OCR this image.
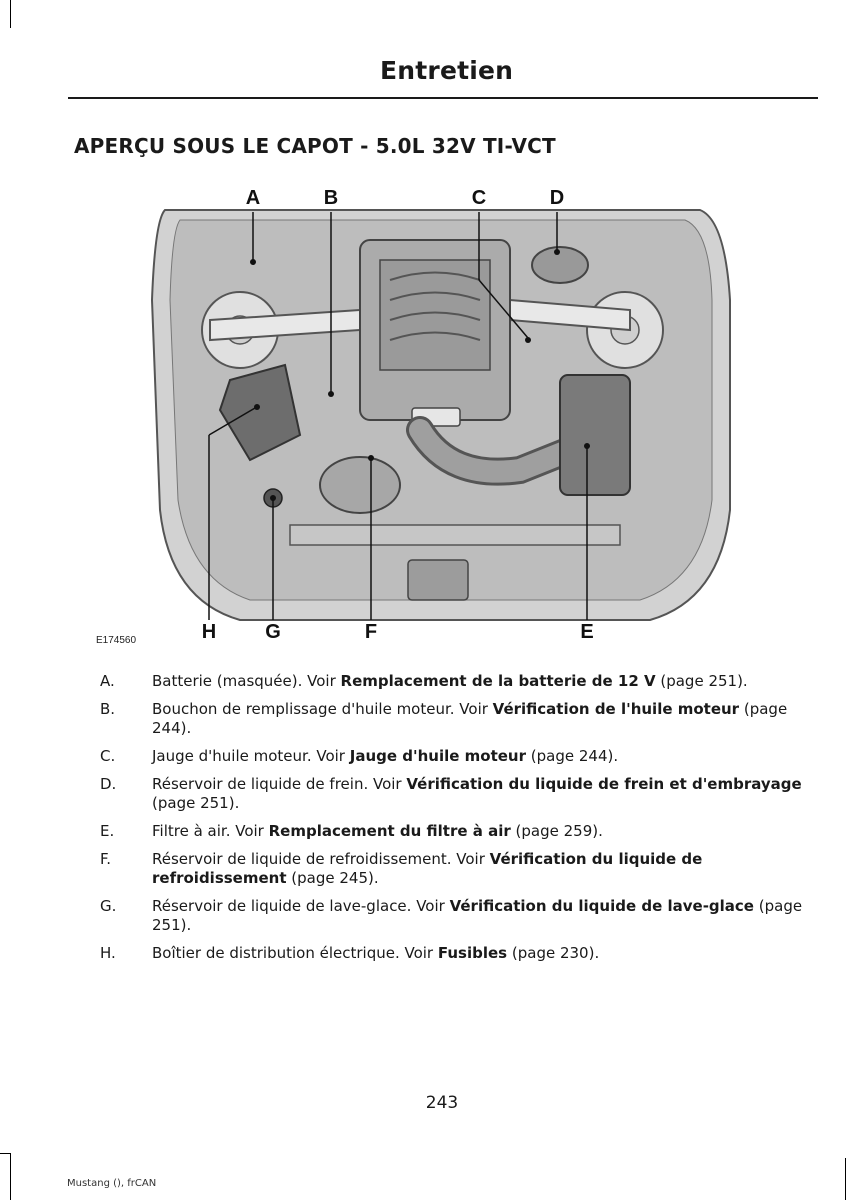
Entretien
APERÇU SOUS LE CAPOT - 5.0L 32V TI-VCT
A	B	C	D
H G	F	E
E174560
A.	Batterie (masquée). Voir Remplacement de la batterie de 12 V (page 251).
B.	Bouchon de remplissage d'huile moteur. Voir Vérification de l'huile moteur (page 244).
C.	Jauge d'huile moteur. Voir Jauge d'huile moteur (page 244).
D.	Réservoir de liquide de frein. Voir Vérification du liquide de frein et d'embrayage (page 251).
E.	Filtre à air. Voir Remplacement du filtre à air (page 259).
F.	Réservoir de liquide de refroidissement. Voir Vérification du liquide de refroidissement (page 245).
G.	Réservoir de liquide de lave-glace. Voir Vérification du liquide de lave-glace (page 251).
H.	Boîtier de distribution électrique. Voir Fusibles (page 230).
243
Mustang (), frCAN
